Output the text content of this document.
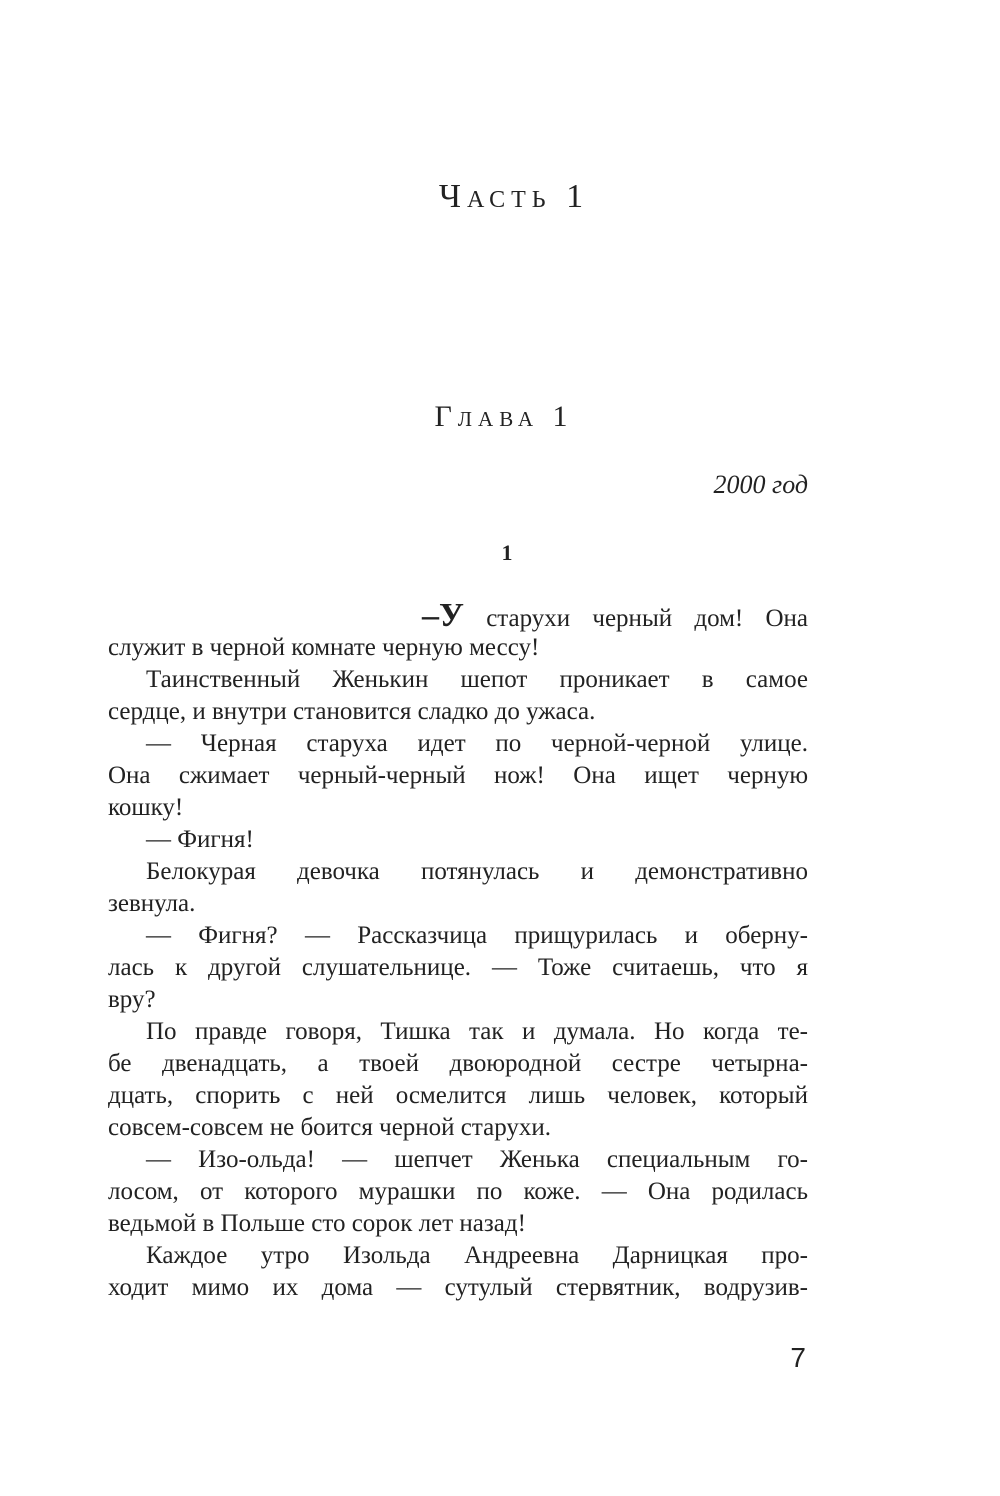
Часть 1
Глава 1
2000 год
1
–У старухи черный дом! Она
служит в черной комнате черную мессу!
Таинственный Женькин шепот проникает в самое
сердце, и внутри становится сладко до ужаса.
— Черная старуха идет по черной-черной улице.
Она сжимает черный-черный нож! Она ищет черную
кошку!
— Фигня!
Белокурая девочка потянулась и демонстративно
зевнула.
— Фигня? — Рассказчица прищурилась и оберну-
лась к другой слушательнице. — Тоже считаешь, что я
вру?
По правде говоря, Тишка так и думала. Но когда те-
бе двенадцать, а твоей двоюродной сестре четырна-
дцать, спорить с ней осмелится лишь человек, который
совсем-совсем не боится черной старухи.
— Изо-ольда! — шепчет Женька специальным го-
лосом, от которого мурашки по коже. — Она родилась
ведьмой в Польше сто сорок лет назад!
Каждое утро Изольда Андреевна Дарницкая про-
ходит мимо их дома — сутулый стервятник, водрузив-
7
